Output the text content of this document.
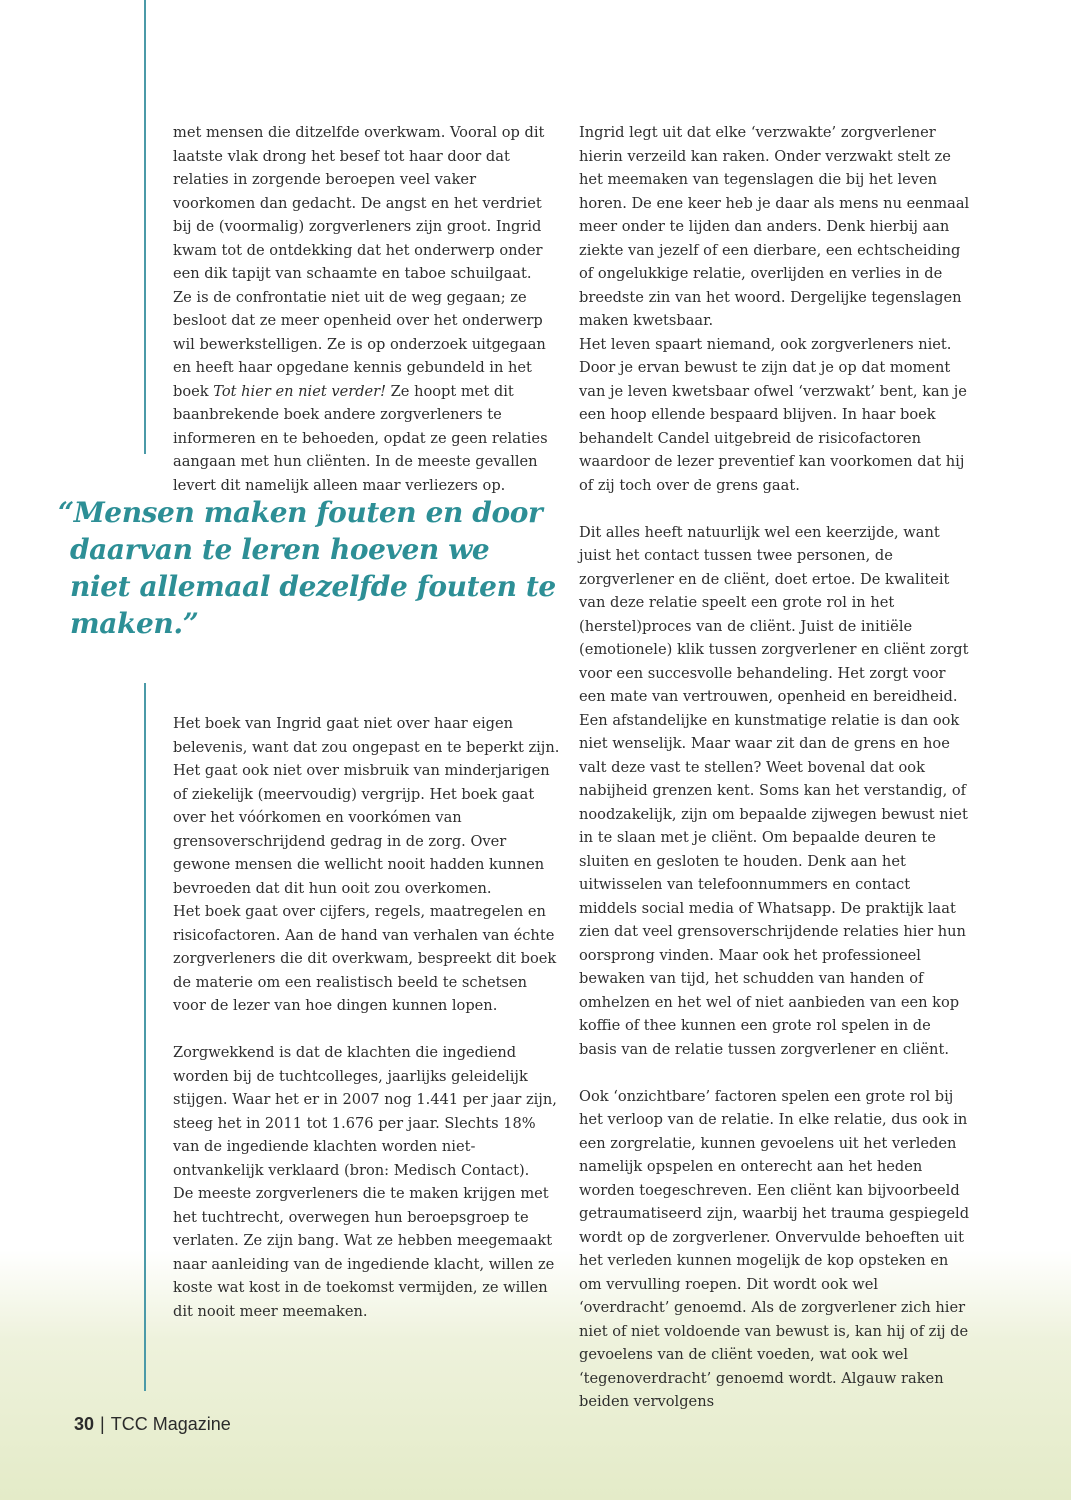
met mensen die ditzelfde overkwam. Vooral op dit laatste vlak drong het besef tot haar door dat relaties in zorgende beroepen veel vaker voorkomen dan gedacht. De angst en het verdriet bij de (voormalig) zorgverleners zijn groot. Ingrid kwam tot de ontdekking dat het onderwerp onder een dik tapijt van schaamte en taboe schuilgaat.

Ze is de confrontatie niet uit de weg gegaan; ze besloot dat ze meer openheid over het onderwerp wil bewerkstelligen. Ze is op onderzoek uitgegaan en heeft haar opgedane kennis gebundeld in het boek Tot hier en niet verder! Ze hoopt met dit baanbrekende boek andere zorgverleners te informeren en te behoeden, opdat ze geen relaties aangaan met hun cliënten. In de meeste gevallen levert dit namelijk alleen maar verliezers op.

“Mensen maken fouten en door
daarvan te leren hoeven we
niet allemaal dezelfde fouten te
maken.”

Het boek van Ingrid gaat niet over haar eigen belevenis, want dat zou ongepast en te beperkt zijn. Het gaat ook niet over misbruik van minderjarigen of ziekelijk (meervoudig) vergrijp. Het boek gaat over het vóórkomen en voorkómen van grensoverschrijdend gedrag in de zorg. Over gewone mensen die wellicht nooit hadden kunnen bevroeden dat dit hun ooit zou overkomen.

Het boek gaat over cijfers, regels, maatregelen en risicofactoren. Aan de hand van verhalen van échte zorgverleners die dit overkwam, bespreekt dit boek de materie om een realistisch beeld te schetsen voor de lezer van hoe dingen kunnen lopen.

Zorgwekkend is dat de klachten die ingediend worden bij de tuchtcolleges, jaarlijks geleidelijk stijgen. Waar het er in 2007 nog 1.441 per jaar zijn, steeg het in 2011 tot 1.676 per jaar. Slechts 18% van de ingediende klachten worden niet-ontvankelijk verklaard (bron: Medisch Contact).

De meeste zorgverleners die te maken krijgen met het tuchtrecht, overwegen hun beroepsgroep te verlaten. Ze zijn bang. Wat ze hebben meegemaakt naar aanleiding van de ingediende klacht, willen ze koste wat kost in de toekomst vermijden, ze willen dit nooit meer meemaken.

Ingrid legt uit dat elke ‘verzwakte’ zorgverlener hierin verzeild kan raken. Onder verzwakt stelt ze het meemaken van tegenslagen die bij het leven horen. De ene keer heb je daar als mens nu eenmaal meer onder te lijden dan anders. Denk hierbij aan ziekte van jezelf of een dierbare, een echtscheiding of ongelukkige relatie, overlijden en verlies in de breedste zin van het woord. Dergelijke tegenslagen maken kwetsbaar.

Het leven spaart niemand, ook zorgverleners niet. Door je ervan bewust te zijn dat je op dat moment van je leven kwetsbaar ofwel ‘verzwakt’ bent, kan je een hoop ellende bespaard blijven. In haar boek behandelt Candel uitgebreid de risicofactoren waardoor de lezer preventief kan voorkomen dat hij of zij toch over de grens gaat.

Dit alles heeft natuurlijk wel een keerzijde, want juist het contact tussen twee personen, de zorgverlener en de cliënt, doet ertoe. De kwaliteit van deze relatie speelt een grote rol in het (herstel)proces van de cliënt. Juist de initiële (emotionele) klik tussen zorgverlener en cliënt zorgt voor een succesvolle behandeling. Het zorgt voor een mate van vertrouwen, openheid en bereidheid. Een afstandelijke en kunstmatige relatie is dan ook niet wenselijk. Maar waar zit dan de grens en hoe valt deze vast te stellen? Weet bovenal dat ook nabijheid grenzen kent. Soms kan het verstandig, of noodzakelijk, zijn om bepaalde zijwegen bewust niet in te slaan met je cliënt. Om bepaalde deuren te sluiten en gesloten te houden. Denk aan het uitwisselen van telefoonnummers en contact middels social media of Whatsapp. De praktijk laat zien dat veel grensoverschrijdende relaties hier hun oorsprong vinden. Maar ook het professioneel bewaken van tijd, het schudden van handen of omhelzen en het wel of niet aanbieden van een kop koffie of thee kunnen een grote rol spelen in de basis van de relatie tussen zorgverlener en cliënt.

Ook ‘onzichtbare’ factoren spelen een grote rol bij het verloop van de relatie. In elke relatie, dus ook in een zorgrelatie, kunnen gevoelens uit het verleden namelijk opspelen en onterecht aan het heden worden toegeschreven. Een cliënt kan bijvoorbeeld getraumatiseerd zijn, waarbij het trauma gespiegeld wordt op de zorgverlener. Onvervulde behoeften uit het verleden kunnen mogelijk de kop opsteken en om vervulling roepen. Dit wordt ook wel ‘overdracht’ genoemd. Als de zorgverlener zich hier niet of niet voldoende van bewust is, kan hij of zij de gevoelens van de cliënt voeden, wat ook wel ‘tegenoverdracht’ genoemd wordt. Algauw raken beiden vervolgens

30 | TCC Magazine
